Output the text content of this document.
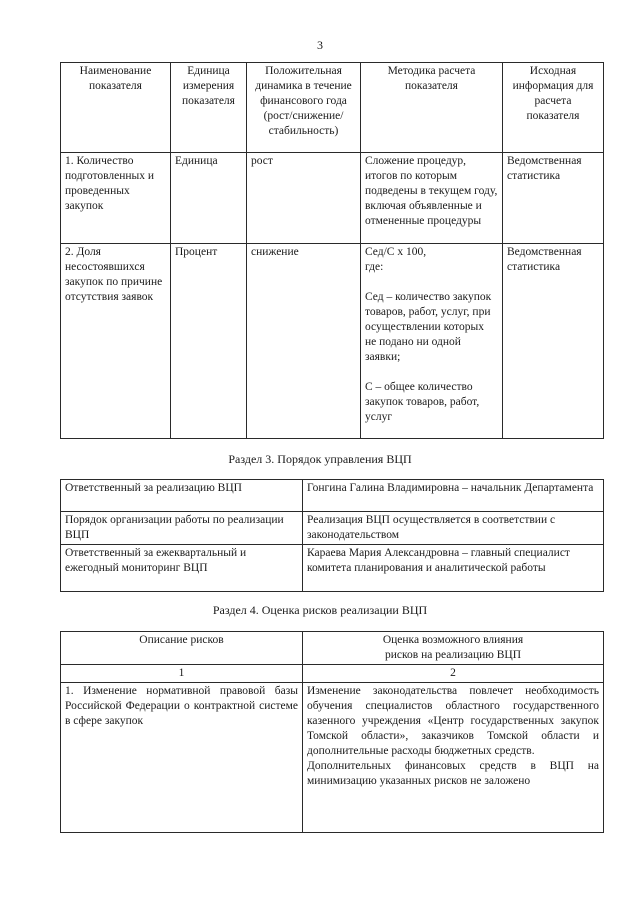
3
Наименование показателя	Единица измерения показателя	Положительная динамика в течение финансового года (рост/снижение/ стабильность)	Методика расчета показателя	Исходная информация для расчета показателя
1. Количество подготовленных и проведенных закупок	Единица	рост	Сложение процедур, итогов по которым подведены в текущем году, включая объявленные и отмененные процедуры	Ведомственная статистика
2. Доля несостоявшихся закупок по причине отсутствия заявок	Процент	снижение	Сед/С х 100,
где:
Сед – количество закупок товаров, работ, услуг, при осуществлении которых не подано ни одной заявки;
С – общее количество закупок товаров, работ, услуг	Ведомственная статистика
Раздел 3. Порядок управления ВЦП
Ответственный за реализацию ВЦП	Гонгина Галина Владимировна – начальник Департамента
Порядок организации работы по реализации ВЦП	Реализация ВЦП осуществляется в соответствии с законодательством
Ответственный за ежеквартальный и ежегодный мониторинг ВЦП	Караева Мария Александровна – главный специалист комитета планирования и аналитической работы
Раздел 4. Оценка рисков реализации ВЦП
Описание рисков	Оценка возможного влияния
рисков на реализацию ВЦП

1	2
1. Изменение нормативной правовой базы Российской Федерации о контрактной системе в сфере закупок	Изменение законодательства повлечет необходимость обучения специалистов областного государственного казенного учреждения «Центр государственных закупок Томской области», заказчиков Томской области и дополнительные расходы бюджетных средств.
Дополнительных финансовых средств в ВЦП на минимизацию указанных рисков не заложено
